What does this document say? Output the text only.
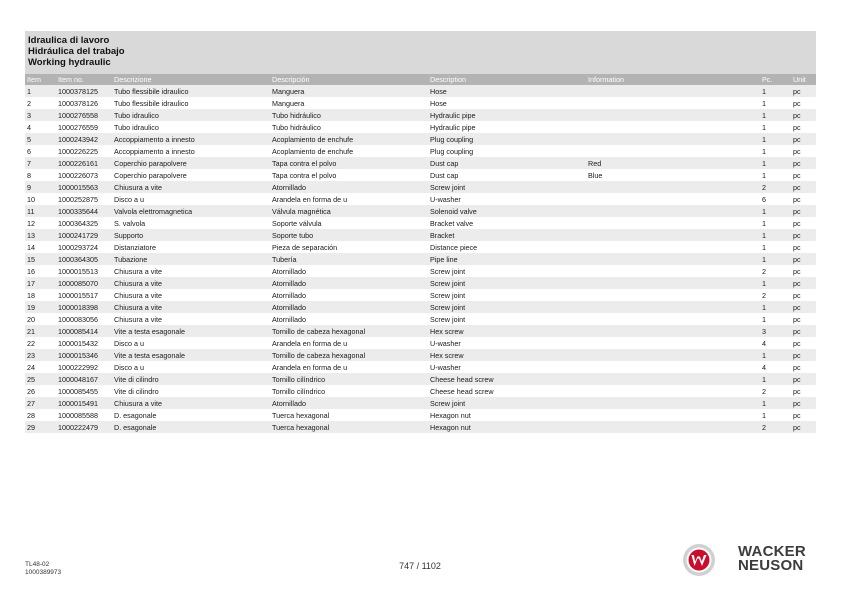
Idraulica di lavoro
Hidráulica del trabajo
Working hydraulic
Item	Item no.	Descrizione	Descripción	Description	Information	Pc.	Unit
1	1000378125	Tubo flessibile idraulico	Manguera	Hose		1	pc
2	1000378126	Tubo flessibile idraulico	Manguera	Hose		1	pc
3	1000276558	Tubo idraulico	Tubo hidráulico	Hydraulic pipe		1	pc
4	1000276559	Tubo idraulico	Tubo hidráulico	Hydraulic pipe		1	pc
5	1000243942	Accoppiamento a innesto	Acoplamiento de enchufe	Plug coupling		1	pc
6	1000226225	Accoppiamento a innesto	Acoplamiento de enchufe	Plug coupling		1	pc
7	1000226161	Coperchio parapolvere	Tapa contra el polvo	Dust cap	Red	1	pc
8	1000226073	Coperchio parapolvere	Tapa contra el polvo	Dust cap	Blue	1	pc
9	1000015563	Chiusura a vite	Atornillado	Screw joint		2	pc
10	1000252875	Disco a u	Arandela en forma de u	U-washer		6	pc
11	1000335644	Valvola elettromagnetica	Válvula magnética	Solenoid valve		1	pc
12	1000364325	S. valvola	Soporte válvula	Bracket valve		1	pc
13	1000241729	Supporto	Soporte tubo	Bracket		1	pc
14	1000293724	Distanziatore	Pieza de separación	Distance piece		1	pc
15	1000364305	Tubazione	Tubería	Pipe line		1	pc
16	1000015513	Chiusura a vite	Atornillado	Screw joint		2	pc
17	1000085070	Chiusura a vite	Atornillado	Screw joint		1	pc
18	1000015517	Chiusura a vite	Atornillado	Screw joint		2	pc
19	1000018398	Chiusura a vite	Atornillado	Screw joint		1	pc
20	1000083056	Chiusura a vite	Atornillado	Screw joint		1	pc
21	1000085414	Vite a testa esagonale	Tornillo de cabeza hexagonal	Hex screw		3	pc
22	1000015432	Disco a u	Arandela en forma de u	U-washer		4	pc
23	1000015346	Vite a testa esagonale	Tornillo de cabeza hexagonal	Hex screw		1	pc
24	1000222992	Disco a u	Arandela en forma de u	U-washer		4	pc
25	1000048167	Vite di cilindro	Tornillo cilíndrico	Cheese head screw		1	pc
26	1000085455	Vite di cilindro	Tornillo cilíndrico	Cheese head screw		2	pc
27	1000015491	Chiusura a vite	Atornillado	Screw joint		1	pc
28	1000085588	D. esagonale	Tuerca hexagonal	Hexagon nut		1	pc
29	1000222479	D. esagonale	Tuerca hexagonal	Hexagon nut		2	pc
TL48-02
1000389973
747 / 1102
WACKER
NEUSON
